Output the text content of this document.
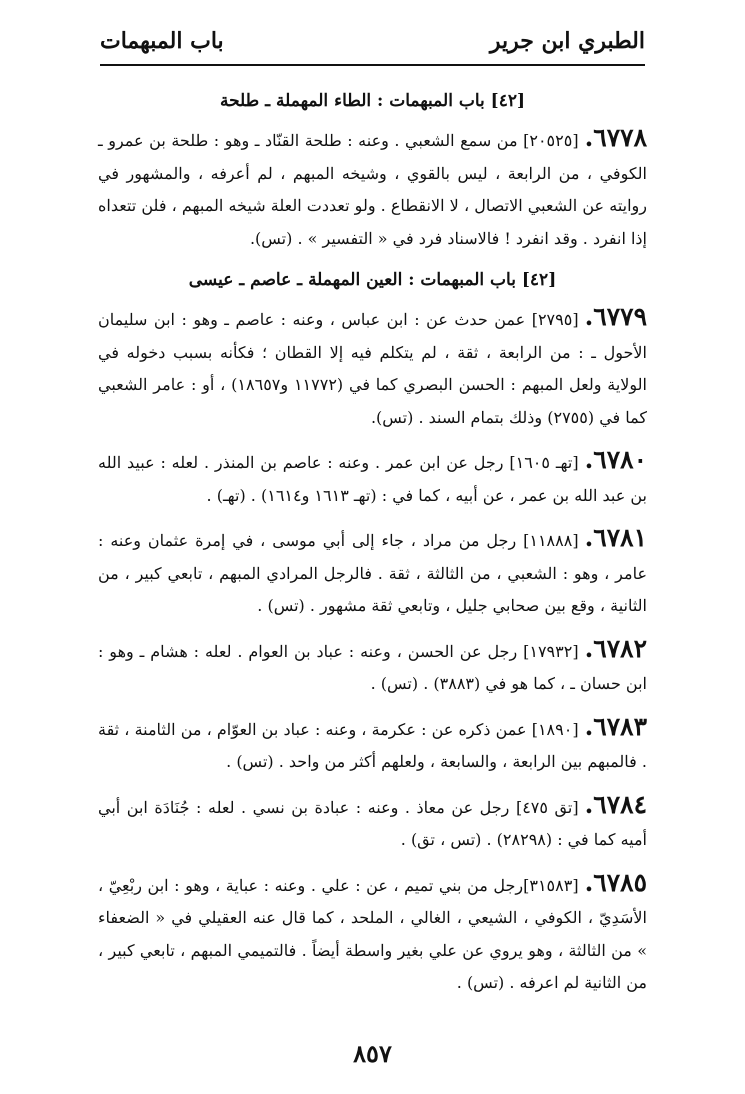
الطبري ابن جرير
باب المبهمات
[٤٢] باب المبهمات : الطاء المهملة ـ طلحة

٦٧٧٨.[٢٠٥٢٥] من سمع الشعبي . وعنه : طلحة القنّاد ـ وهو : طلحة بن عمرو ـ الكوفي ، من الرابعة ، ليس بالقوي ، وشيخه المبهم ، لم أعرفه ، والمشهور في روايته عن الشعبي الاتصال ، لا الانقطاع . ولو تعددت العلة شيخه المبهم ، فلن تتعداه إذا انفرد . وقد انفرد ! فالاسناد فرد في « التفسير » . (تس).

[٤٢] باب المبهمات : العين المهملة ـ عاصم ـ عيسى

٦٧٧٩.[٢٧٩٥] عمن حدث عن : ابن عباس ، وعنه : عاصم ـ وهو : ابن سليمان الأحول ـ : من الرابعة ، ثقة ، لم يتكلم فيه إلا القطان ؛ فكأنه بسبب دخوله في الولاية ولعل المبهم : الحسن البصري كما في (١١٧٧٢ و١٨٦٥٧) ، أو : عامر الشعبي كما في (٢٧٥٥) وذلك بتمام السند . (تس).

٦٧٨٠.[تهـ ١٦٠٥] رجل عن ابن عمر . وعنه : عاصم بن المنذر . لعله : عبيد الله بن عبد الله بن عمر ، عن أبيه ، كما في : (تهـ ١٦١٣ و١٦١٤) . (تهـ) .

٦٧٨١.[١١٨٨٨] رجل من مراد ، جاء إلى أبي موسى ، في إمرة عثمان وعنه : عامر ، وهو : الشعبي ، من الثالثة ، ثقة . فالرجل المرادي المبهم ، تابعي كبير ، من الثانية ، وقع بين صحابي جليل ، وتابعي ثقة مشهور . (تس) .

٦٧٨٢.[١٧٩٣٢] رجل عن الحسن ، وعنه : عباد بن العوام . لعله : هشام ـ وهو : ابن حسان ـ ، كما هو في (٣٨٨٣) . (تس) .

٦٧٨٣.[١٨٩٠] عمن ذكره عن : عكرمة ، وعنه : عباد بن العوّام ، من الثامنة ، ثقة . فالمبهم بين الرابعة ، والسابعة ، ولعلهم أكثر من واحد . (تس) .

٦٧٨٤.[تق ٤٧٥] رجل عن معاذ . وعنه : عبادة بن نسي . لعله : جُنَادَة ابن أبي أميه كما في : (٢٨٢٩٨) . (تس ، تق) .

٦٧٨٥.[٣١٥٨٣]رجل من بني تميم ، عن : علي . وعنه : عباية ، وهو : ابن ربْعِيّ ، الأسَدِيّ ، الكوفي ، الشيعي ، الغالي ، الملحد ، كما قال عنه العقيلي في « الضعفاء » من الثالثة ، وهو يروي عن علي بغير واسطة أيضاً . فالتميمي المبهم ، تابعي كبير ، من الثانية لم اعرفه . (تس) .

٨٥٧
